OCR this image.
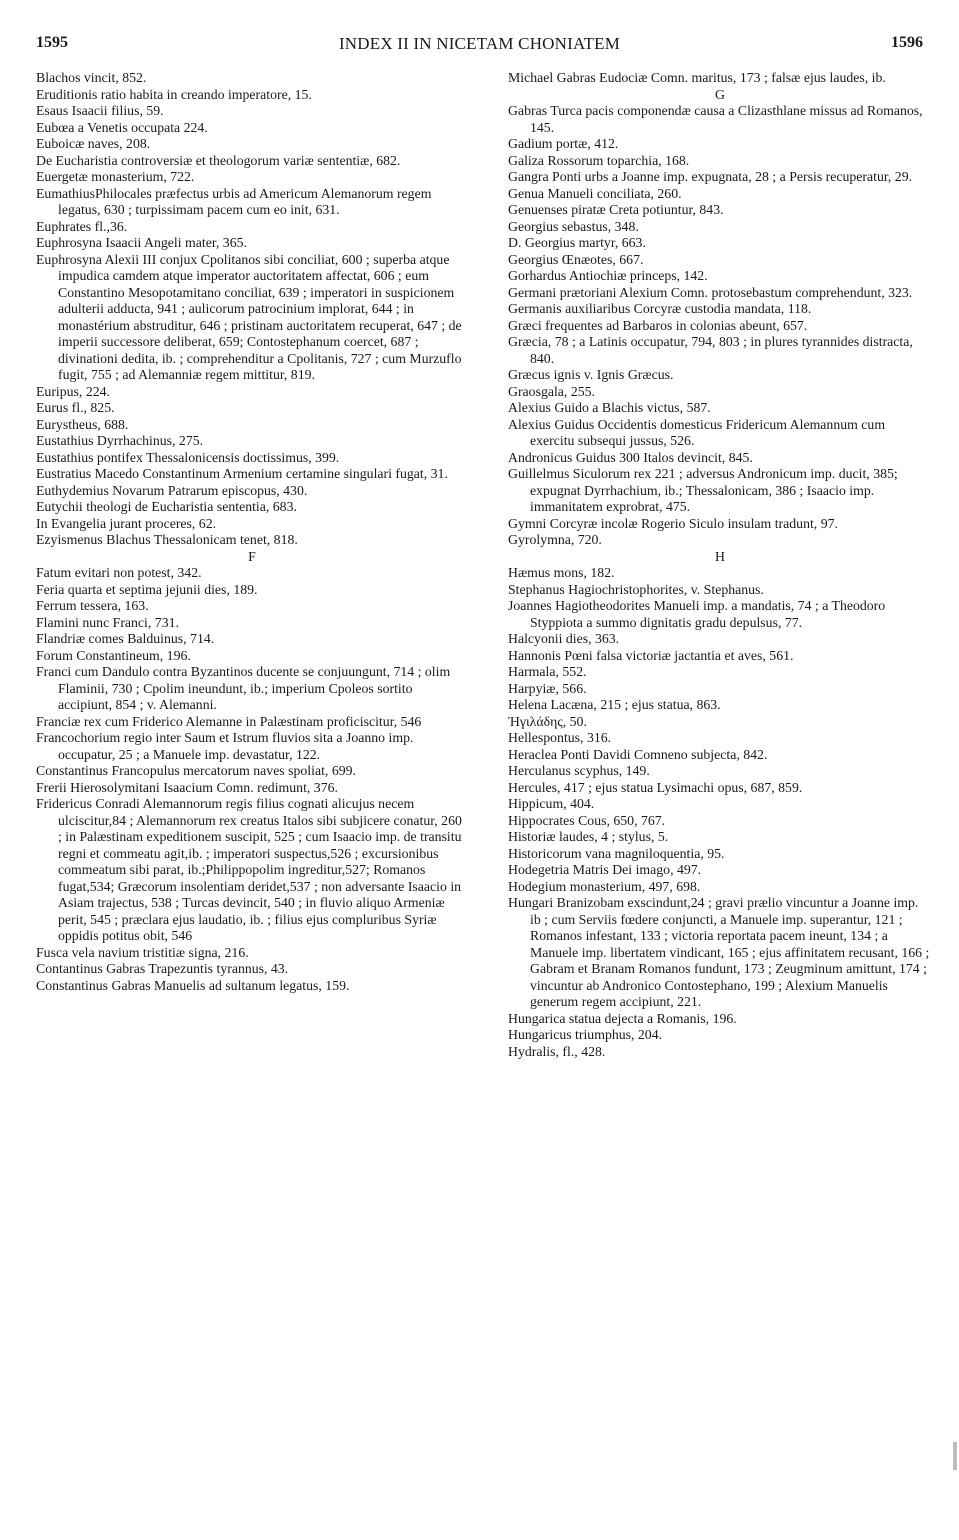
1595	INDEX II IN NICETAM CHONIATEM	1596

Blachos vincit, 852.

Eruditionis ratio habita in creando imperatore, 15.

Esaus Isaacii filius, 59.

Eubœa a Venetis occupata 224.

Euboicæ naves, 208.

De Eucharistia controversiæ et theologorum variæ sententiæ, 682.

Euergetæ monasterium, 722.

EumathiusPhilocales præfectus urbis ad Americum Alemanorum regem legatus, 630 ; turpissimam pacem cum eo init, 631.

Euphrates fl.,36.

Euphrosyna Isaacii Angeli mater, 365.

Euphrosyna Alexii III conjux Cpolitanos sibi conciliat, 600 ; superba atque impudica camdem atque imperator auctoritatem affectat, 606 ; eum Constantino Mesopotamitano conciliat, 639 ; imperatori in suspicionem adulterii adducta, 941 ; aulicorum patrocinium implorat, 644 ; in monastérium abstruditur, 646 ; pristinam auctoritatem recuperat, 647 ; de imperii successore deliberat, 659; Contostephanum coercet, 687 ; divinationi dedita, ib. ; comprehenditur a Cpolitanis, 727 ; cum Murzuflo fugit, 755 ; ad Alemanniæ regem mittitur, 819.

Euripus, 224.

Eurus fl., 825.

Eurystheus, 688.

Eustathius Dyrrhachinus, 275.

Eustathius pontifex Thessalonicensis doctissimus, 399.

Eustratius Macedo Constantinum Armenium certamine singulari fugat, 31.

Euthydemius Novarum Patrarum episcopus, 430.

Eutychii theologi de Eucharistia sententia, 683.

In Evangelia jurant proceres, 62.

Ezyismenus Blachus Thessalonicam tenet, 818.

F

Fatum evitari non potest, 342.

Feria quarta et septima jejunii dies, 189.

Ferrum tessera, 163.

Flamini nunc Franci, 731.

Flandriæ comes Balduinus, 714.

Forum Constantineum, 196.

Franci cum Dandulo contra Byzantinos ducente se conjuungunt, 714 ; olim Flaminii, 730 ; Cpolim ineundunt, ib.; imperium Cpoleos sortito accipiunt, 854 ; v. Alemanni.

Franciæ rex cum Friderico Alemanne in Palæstinam proficiscitur, 546

Francochorium regio inter Saum et Istrum fluvios sita a Joanno imp. occupatur, 25 ; a Manuele imp. devastatur, 122.

Constantinus Francopulus mercatorum naves spoliat, 699.

Frerii Hierosolymitani Isaacium Comn. redimunt, 376.

Fridericus Conradi Alemannorum regis filius cognati alicujus necem ulciscitur,84 ; Alemannorum rex creatus Italos sibi subjicere conatur, 260 ; in Palæstinam expeditionem suscipit, 525 ; cum Isaacio imp. de transitu regni et commeatu agit,ib. ; imperatori suspectus,526 ; excursionibus commeatum sibi parat, ib.;Philippopolim ingreditur,527; Romanos fugat,534; Græcorum insolentiam deridet,537 ; non adversante Isaacio in Asiam trajectus, 538 ; Turcas devincit, 540 ; in fluvio aliquo Armeniæ perit, 545 ; præclara ejus laudatio, ib. ; filius ejus compluribus Syriæ oppidis potitus obit, 546

Fusca vela navium tristitiæ signa, 216.

Contantinus Gabras Trapezuntis tyrannus, 43.

Constantinus Gabras Manuelis ad sultanum legatus, 159.

Michael Gabras Eudociæ Comn. maritus, 173 ; falsæ ejus laudes, ib.

G

Gabras Turca pacis componendæ causa a Clizasthlane missus ad Romanos, 145.

Gadium portæ, 412.

Galiza Rossorum toparchia, 168.

Gangra Ponti urbs a Joanne imp. expugnata, 28 ; a Persis recuperatur, 29.

Genua Manueli conciliata, 260.

Genuenses piratæ Creta potiuntur, 843.

Georgius sebastus, 348.

D. Georgius martyr, 663.

Georgius Œnæotes, 667.

Gorhardus Antiochiæ princeps, 142.

Germani prætoriani Alexium Comn. protosebastum comprehendunt, 323.

Germanis auxiliaribus Corcyræ custodia mandata, 118.

Græci frequentes ad Barbaros in colonias abeunt, 657.

Græcia, 78 ; a Latinis occupatur, 794, 803 ; in plures tyrannides distracta, 840.

Græcus ignis v. Ignis Græcus.

Graosgala, 255.

Alexius Guido a Blachis victus, 587.

Alexius Guidus Occidentis domesticus Fridericum Alemannum cum exercitu subsequi jussus, 526.

Andronicus Guidus 300 Italos devincit, 845.

Guillelmus Siculorum rex 221 ; adversus Andronicum imp. ducit, 385; expugnat Dyrrhachium, ib.; Thessalonicam, 386 ; Isaacio imp. immanitatem exprobrat, 475.

Gymni Corcyræ incolæ Rogerio Siculo insulam tradunt, 97.

Gyrolymna, 720.

H

Hæmus mons, 182.

Stephanus Hagiochristophorites, v. Stephanus.

Joannes Hagiotheodorites Manueli imp. a mandatis, 74 ; a Theodoro Styppiota a summo dignitatis gradu depulsus, 77.

Halcyonii dies, 363.

Hannonis Pœni falsa victoriæ jactantia et aves, 561.

Harmala, 552.

Harpyiæ, 566.

Helena Lacæna, 215 ; ejus statua, 863.

Ἡγιλάδης, 50.

Hellespontus, 316.

Heraclea Ponti Davidi Comneno subjecta, 842.

Herculanus scyphus, 149.

Hercules, 417 ; ejus statua Lysimachi opus, 687, 859.

Hippicum, 404.

Hippocrates Cous, 650, 767.

Historiæ laudes, 4 ; stylus, 5.

Historicorum vana magniloquentia, 95.

Hodegetria Matris Dei imago, 497.

Hodegium monasterium, 497, 698.

Hungari Branizobam exscindunt,24 ; gravi prælio vincuntur a Joanne imp. ib ; cum Serviis fœdere conjuncti, a Manuele imp. superantur, 121 ; Romanos infestant, 133 ; victoria reportata pacem ineunt, 134 ; a Manuele imp. libertatem vindicant, 165 ; ejus affinitatem recusant, 166 ; Gabram et Branam Romanos fundunt, 173 ; Zeugminum amittunt, 174 ; vincuntur ab Andronico Contostephano, 199 ; Alexium Manuelis generum regem accipiunt, 221.

Hungarica statua dejecta a Romanis, 196.

Hungaricus triumphus, 204.

Hydralis, fl., 428.
